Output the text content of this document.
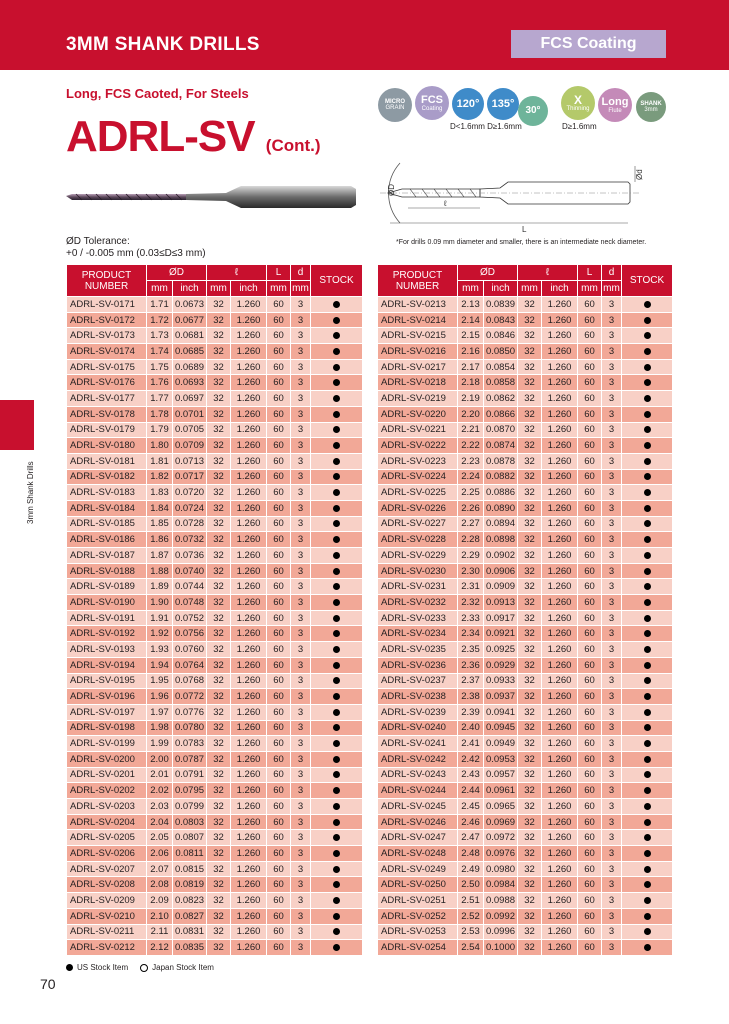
3MM SHANK DRILLS	FCS Coating
Long, FCS Caoted, For Steels
ADRL-SV (Cont.)
MICRO
GRAIN
FCS
Coating 120° 135°
30°
X
Thinning
Long
Flute
SHANK
3mm
D<1.6mm D≥1.6mm	D≥1.6mm
ØD
ℓ
L
Ød
*For drills 0.09 mm diameter and smaller, there is an intermediate neck diameter.
ØD Tolerance:
+0 / -0.005 mm (0.03≤D≤3 mm)
PRODUCT NUMBER	ØD		ℓ		L	d	STOCK
	mm	inch	mm	inch	mm	mm	
ADRL-SV-0171	1.71	0.0673	32	1.260	60	3	
ADRL-SV-0172	1.72	0.0677	32	1.260	60	3	
ADRL-SV-0173	1.73	0.0681	32	1.260	60	3	
ADRL-SV-0174	1.74	0.0685	32	1.260	60	3	
ADRL-SV-0175	1.75	0.0689	32	1.260	60	3	
ADRL-SV-0176	1.76	0.0693	32	1.260	60	3	
ADRL-SV-0177	1.77	0.0697	32	1.260	60	3	
ADRL-SV-0178	1.78	0.0701	32	1.260	60	3	
ADRL-SV-0179	1.79	0.0705	32	1.260	60	3	
ADRL-SV-0180	1.80	0.0709	32	1.260	60	3	
ADRL-SV-0181	1.81	0.0713	32	1.260	60	3	
ADRL-SV-0182	1.82	0.0717	32	1.260	60	3	
ADRL-SV-0183	1.83	0.0720	32	1.260	60	3	
ADRL-SV-0184	1.84	0.0724	32	1.260	60	3	
ADRL-SV-0185	1.85	0.0728	32	1.260	60	3	
ADRL-SV-0186	1.86	0.0732	32	1.260	60	3	
ADRL-SV-0187	1.87	0.0736	32	1.260	60	3	
ADRL-SV-0188	1.88	0.0740	32	1.260	60	3	
ADRL-SV-0189	1.89	0.0744	32	1.260	60	3	
ADRL-SV-0190	1.90	0.0748	32	1.260	60	3	
ADRL-SV-0191	1.91	0.0752	32	1.260	60	3	
ADRL-SV-0192	1.92	0.0756	32	1.260	60	3	
ADRL-SV-0193	1.93	0.0760	32	1.260	60	3	
ADRL-SV-0194	1.94	0.0764	32	1.260	60	3	
ADRL-SV-0195	1.95	0.0768	32	1.260	60	3	
ADRL-SV-0196	1.96	0.0772	32	1.260	60	3	
ADRL-SV-0197	1.97	0.0776	32	1.260	60	3	
ADRL-SV-0198	1.98	0.0780	32	1.260	60	3	
ADRL-SV-0199	1.99	0.0783	32	1.260	60	3	
ADRL-SV-0200	2.00	0.0787	32	1.260	60	3	
ADRL-SV-0201	2.01	0.0791	32	1.260	60	3	
ADRL-SV-0202	2.02	0.0795	32	1.260	60	3	
ADRL-SV-0203	2.03	0.0799	32	1.260	60	3	
ADRL-SV-0204	2.04	0.0803	32	1.260	60	3	
ADRL-SV-0205	2.05	0.0807	32	1.260	60	3	
ADRL-SV-0206	2.06	0.0811	32	1.260	60	3	
ADRL-SV-0207	2.07	0.0815	32	1.260	60	3	
ADRL-SV-0208	2.08	0.0819	32	1.260	60	3	
ADRL-SV-0209	2.09	0.0823	32	1.260	60	3	
ADRL-SV-0210	2.10	0.0827	32	1.260	60	3	
ADRL-SV-0211	2.11	0.0831	32	1.260	60	3	
ADRL-SV-0212	2.12	0.0835	32	1.260	60	3	
PRODUCT NUMBER	ØD		ℓ		L	d	STOCK
	mm	inch	mm	inch	mm	mm	
ADRL-SV-0213	2.13	0.0839	32	1.260	60	3	
ADRL-SV-0214	2.14	0.0843	32	1.260	60	3	
ADRL-SV-0215	2.15	0.0846	32	1.260	60	3	
ADRL-SV-0216	2.16	0.0850	32	1.260	60	3	
ADRL-SV-0217	2.17	0.0854	32	1.260	60	3	
ADRL-SV-0218	2.18	0.0858	32	1.260	60	3	
ADRL-SV-0219	2.19	0.0862	32	1.260	60	3	
ADRL-SV-0220	2.20	0.0866	32	1.260	60	3	
ADRL-SV-0221	2.21	0.0870	32	1.260	60	3	
ADRL-SV-0222	2.22	0.0874	32	1.260	60	3	
ADRL-SV-0223	2.23	0.0878	32	1.260	60	3	
ADRL-SV-0224	2.24	0.0882	32	1.260	60	3	
ADRL-SV-0225	2.25	0.0886	32	1.260	60	3	
ADRL-SV-0226	2.26	0.0890	32	1.260	60	3	
ADRL-SV-0227	2.27	0.0894	32	1.260	60	3	
ADRL-SV-0228	2.28	0.0898	32	1.260	60	3	
ADRL-SV-0229	2.29	0.0902	32	1.260	60	3	
ADRL-SV-0230	2.30	0.0906	32	1.260	60	3	
ADRL-SV-0231	2.31	0.0909	32	1.260	60	3	
ADRL-SV-0232	2.32	0.0913	32	1.260	60	3	
ADRL-SV-0233	2.33	0.0917	32	1.260	60	3	
ADRL-SV-0234	2.34	0.0921	32	1.260	60	3	
ADRL-SV-0235	2.35	0.0925	32	1.260	60	3	
ADRL-SV-0236	2.36	0.0929	32	1.260	60	3	
ADRL-SV-0237	2.37	0.0933	32	1.260	60	3	
ADRL-SV-0238	2.38	0.0937	32	1.260	60	3	
ADRL-SV-0239	2.39	0.0941	32	1.260	60	3	
ADRL-SV-0240	2.40	0.0945	32	1.260	60	3	
ADRL-SV-0241	2.41	0.0949	32	1.260	60	3	
ADRL-SV-0242	2.42	0.0953	32	1.260	60	3	
ADRL-SV-0243	2.43	0.0957	32	1.260	60	3	
ADRL-SV-0244	2.44	0.0961	32	1.260	60	3	
ADRL-SV-0245	2.45	0.0965	32	1.260	60	3	
ADRL-SV-0246	2.46	0.0969	32	1.260	60	3	
ADRL-SV-0247	2.47	0.0972	32	1.260	60	3	
ADRL-SV-0248	2.48	0.0976	32	1.260	60	3	
ADRL-SV-0249	2.49	0.0980	32	1.260	60	3	
ADRL-SV-0250	2.50	0.0984	32	1.260	60	3	
ADRL-SV-0251	2.51	0.0988	32	1.260	60	3	
ADRL-SV-0252	2.52	0.0992	32	1.260	60	3	
ADRL-SV-0253	2.53	0.0996	32	1.260	60	3	
ADRL-SV-0254	2.54	0.1000	32	1.260	60	3	
3mm Shank Drills
US Stock Item	Japan Stock Item
70
